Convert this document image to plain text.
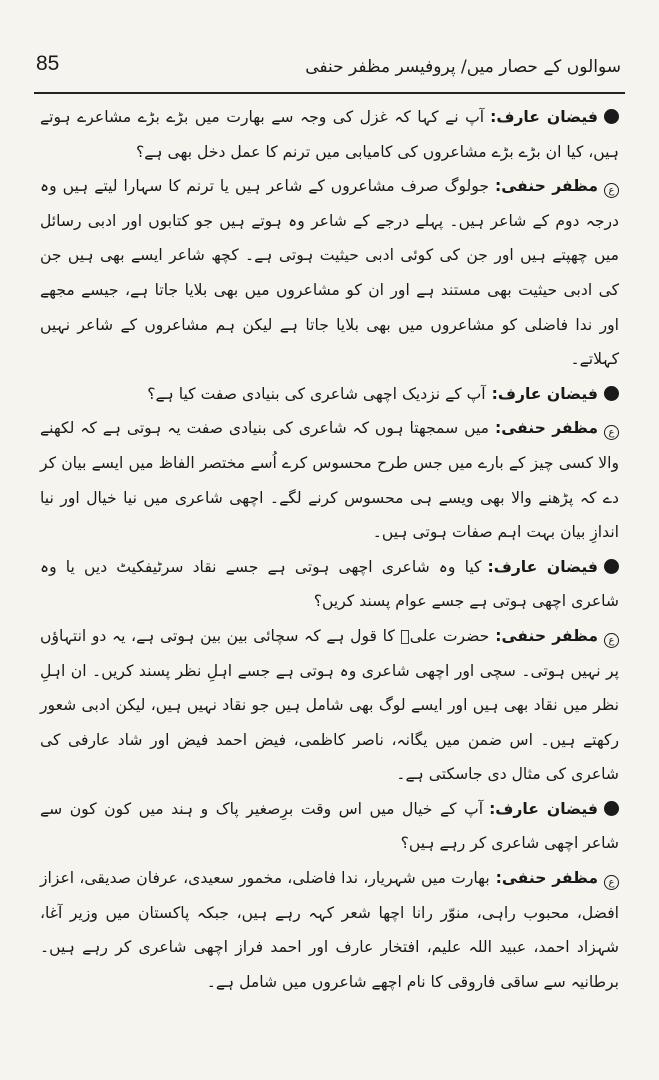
85	سوالوں کے حصار میں/ پروفیسر مظفر حنفی

فیضان عارف:آپ نے کہا کہ غزل کی وجہ سے بھارت میں بڑے بڑے مشاعرے ہوتے ہیں، کیا ان بڑے بڑے مشاعروں کی کامیابی میں ترنم کا عمل دخل بھی ہے؟

عمظفر حنفی:جولوگ صرف مشاعروں کے شاعر ہیں یا ترنم کا سہارا لیتے ہیں وہ درجہ دوم کے شاعر ہیں۔ پہلے درجے کے شاعر وہ ہوتے ہیں جو کتابوں اور ادبی رسائل میں چھپتے ہیں اور جن کی کوئی ادبی حیثیت ہوتی ہے۔ کچھ شاعر ایسے بھی ہیں جن کی ادبی حیثیت بھی مستند ہے اور ان کو مشاعروں میں بھی بلایا جاتا ہے، جیسے مجھے اور ندا فاضلی کو مشاعروں میں بھی بلایا جاتا ہے لیکن ہم مشاعروں کے شاعر نہیں کہلاتے۔

فیضان عارف:آپ کے نزدیک اچھی شاعری کی بنیادی صفت کیا ہے؟

عمظفر حنفی:میں سمجھتا ہوں کہ شاعری کی بنیادی صفت یہ ہوتی ہے کہ لکھنے والا کسی چیز کے بارے میں جس طرح محسوس کرے اُسے مختصر الفاظ میں ایسے بیان کر دے کہ پڑھنے والا بھی ویسے ہی محسوس کرنے لگے۔ اچھی شاعری میں نیا خیال اور نیا اندازِ بیان بہت اہم صفات ہوتی ہیں۔

فیضان عارف:کیا وہ شاعری اچھی ہوتی ہے جسے نقاد سرٹیفکیٹ دیں یا وہ شاعری اچھی ہوتی ہے جسے عوام پسند کریں؟

عمظفر حنفی:حضرت علیؑ کا قول ہے کہ سچائی بین بین ہوتی ہے، یہ دو انتہاؤں پر نہیں ہوتی۔ سچی اور اچھی شاعری وہ ہوتی ہے جسے اہلِ نظر پسند کریں۔ ان اہلِ نظر میں نقاد بھی ہیں اور ایسے لوگ بھی شامل ہیں جو نقاد نہیں ہیں، لیکن ادبی شعور رکھتے ہیں۔ اس ضمن میں یگانہ، ناصر کاظمی، فیض احمد فیض اور شاد عارفی کی شاعری کی مثال دی جاسکتی ہے۔

فیضان عارف:آپ کے خیال میں اس وقت برِصغیر پاک و ہند میں کون کون سے شاعر اچھی شاعری کر رہے ہیں؟

عمظفر حنفی:بھارت میں شہریار، ندا فاضلی، مخمور سعیدی، عرفان صدیقی، اعزاز افضل، محبوب راہی، منوّر رانا اچھا شعر کہہ رہے ہیں، جبکہ پاکستان میں وزیر آغا، شہزاد احمد، عبید اللہ علیم، افتخار عارف اور احمد فراز اچھی شاعری کر رہے ہیں۔ برطانیہ سے ساقی فاروقی کا نام اچھے شاعروں میں شامل ہے۔
